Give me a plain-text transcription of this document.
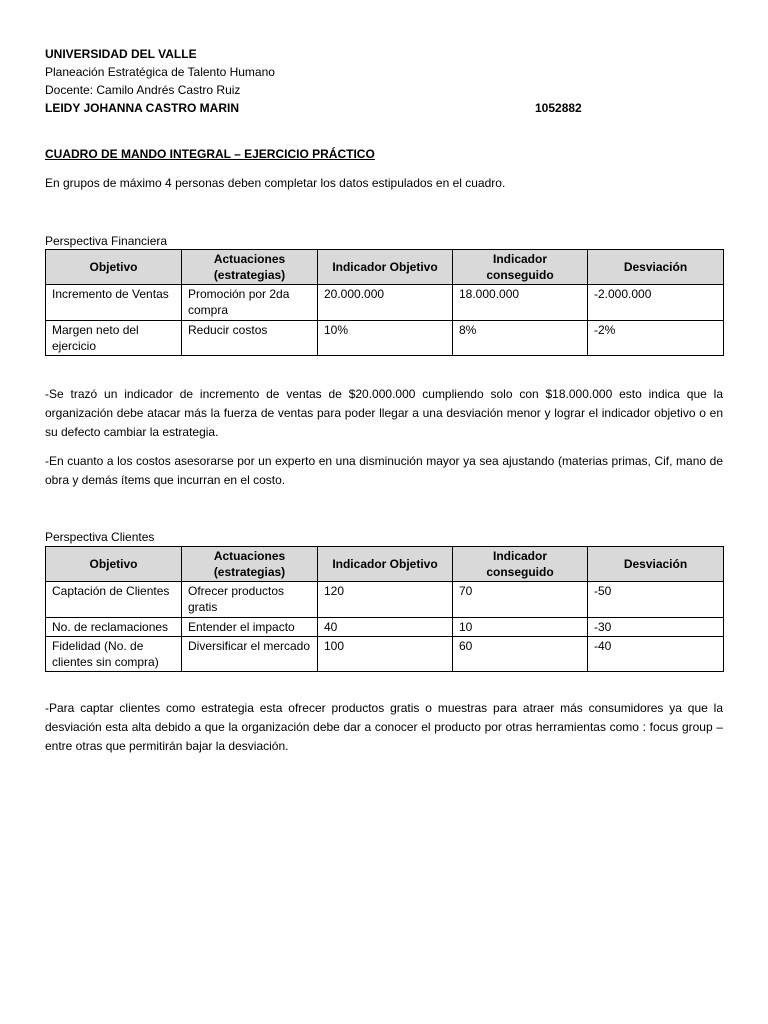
UNIVERSIDAD DEL VALLE
Planeación Estratégica de Talento Humano
Docente: Camilo Andrés Castro Ruiz
LEIDY JOHANNA CASTRO MARIN	1052882
CUADRO DE MANDO INTEGRAL – EJERCICIO PRÁCTICO
En grupos de máximo 4 personas deben completar los datos estipulados en el cuadro.
Perspectiva Financiera
Objetivo	Actuaciones (estrategias)	Indicador Objetivo	Indicador conseguido	Desviación
Incremento de Ventas	Promoción por 2da compra	20.000.000	18.000.000	-2.000.000
Margen neto del ejercicio	Reducir costos	10%	8%	-2%
-Se trazó un indicador de incremento de ventas de $20.000.000 cumpliendo solo con $18.000.000 esto indica que la organización debe atacar más la fuerza de ventas para poder llegar a una desviación menor y lograr el indicador objetivo o en su defecto cambiar la estrategia.
-En cuanto a los costos asesorarse por un experto en una disminución mayor ya sea ajustando (materias primas, Cif, mano de obra y demás ítems que incurran en el costo.
Perspectiva Clientes
Objetivo	Actuaciones (estrategias)	Indicador Objetivo	Indicador conseguido	Desviación
Captación de Clientes	Ofrecer productos gratis	120	70	-50
No. de reclamaciones	Entender el impacto	40	10	-30
Fidelidad (No. de clientes sin compra)	Diversificar el mercado	100	60	-40
-Para captar clientes como estrategia esta ofrecer productos gratis o muestras para atraer más consumidores ya que la desviación esta alta debido a que la organización debe dar a conocer el producto por otras herramientas como : focus group – entre otras que permitirán bajar la desviación.
